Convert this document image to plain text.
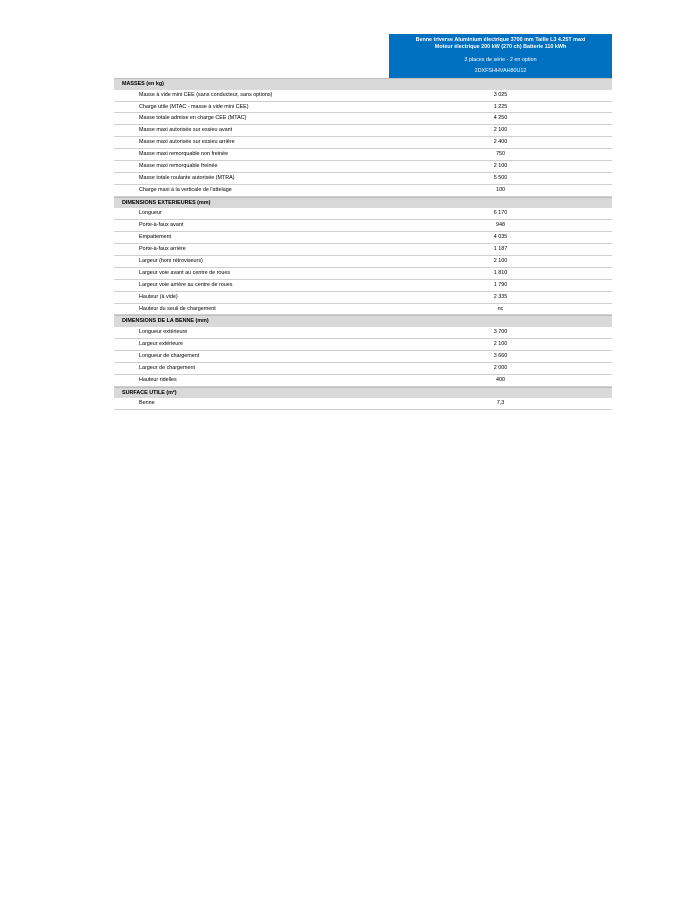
Benne triverse Aluminium électrique 3700 mm Taille L3 4.25T maxi
Moteur électrique 200 kW (270 ch) Batterie 110 kWh
3 places de série - 2 en option
2DXFSHHVAH80U12
MASSES (en kg)
Masse à vide mini CEE (sans conducteur, sans options)	3 025
Charge utile (MTAC - masse à vide mini CEE)	1 225
Masse totale admise en charge CEE (MTAC)	4 250
Masse maxi autorisée sur essieu avant	2 100
Masse maxi autorisée sur essieu arrière	2 400
Masse maxi remorquable non freinée	750
Masse maxi remorquable freinée	2 100
Masse totale roulante autorisée (MTRA)	5 500
Charge maxi à la verticale de l'attelage	100
DIMENSIONS EXTERIEURES (mm)
Longueur	6 170
Porte-à-faux avant	948
Empattement	4 035
Porte-à-faux arrière	1 187
Largeur (hors rétroviseurs)	2 100
Largeur voie avant au centre de roues	1 810
Largeur voie arrière au centre de roues	1 790
Hauteur (à vide)	2 335
Hauteur du seuil de chargement	nc
DIMENSIONS DE LA BENNE (mm)
Longueur extérieure	3 700
Largeur extérieure	2 100
Longueur de chargement	3 660
Largeur de chargement	2 000
Hauteur ridelles	400
SURFACE UTILE (m²)
Benne	7,3
